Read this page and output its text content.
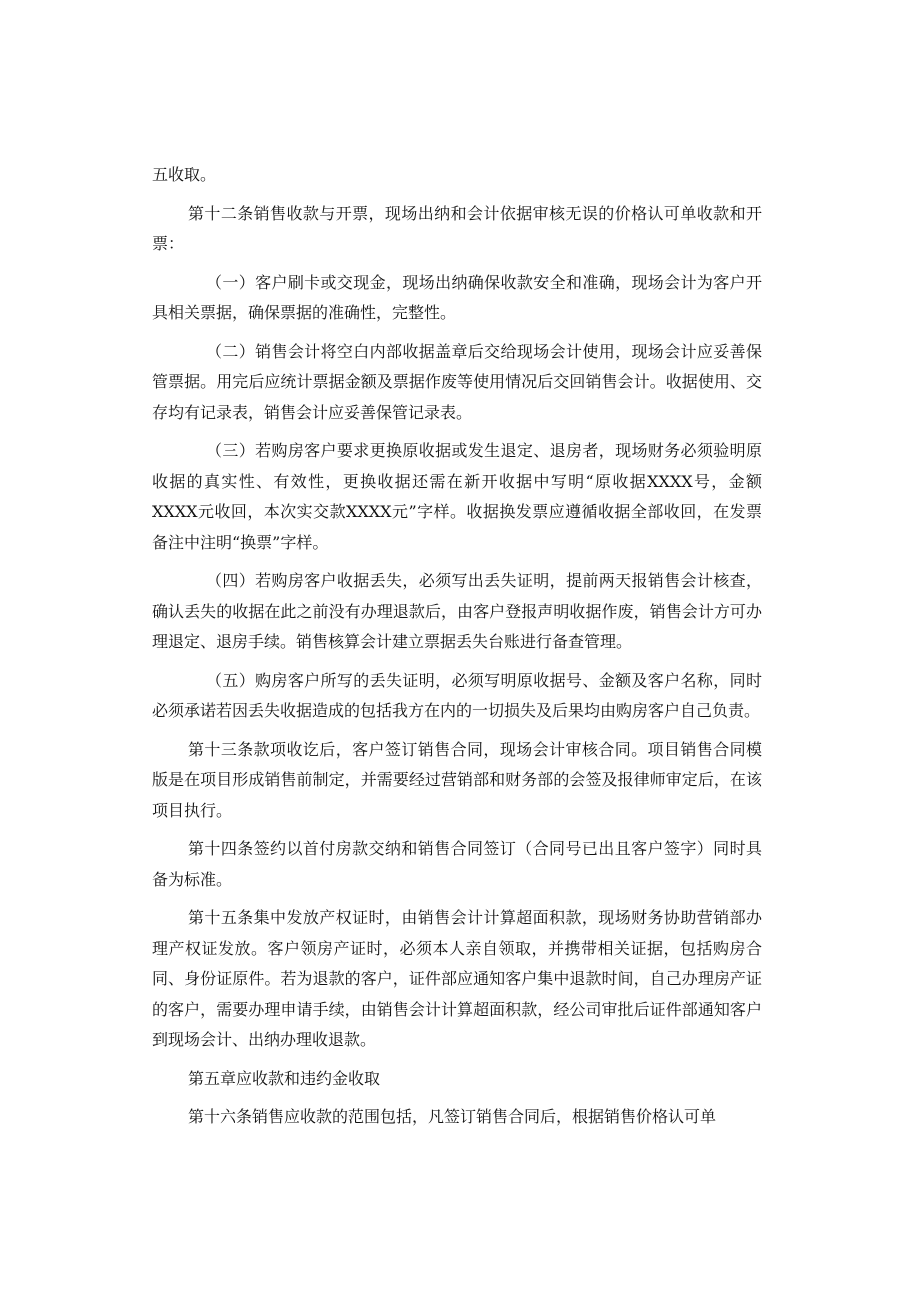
五收取。

第十二条销售收款与开票，现场出纳和会计依据审核无误的价格认可单收款和开票：

（一）客户刷卡或交现金，现场出纳确保收款安全和准确，现场会计为客户开具相关票据，确保票据的准确性，完整性。

（二）销售会计将空白内部收据盖章后交给现场会计使用，现场会计应妥善保管票据。用完后应统计票据金额及票据作废等使用情况后交回销售会计。收据使用、交存均有记录表，销售会计应妥善保管记录表。

（三）若购房客户要求更换原收据或发生退定、退房者，现场财务必须验明原收据的真实性、有效性，更换收据还需在新开收据中写明“原收据XXXX号，金额XXXX元收回，本次实交款XXXX元”字样。收据换发票应遵循收据全部收回，在发票备注中注明“换票”字样。

（四）若购房客户收据丢失，必须写出丢失证明，提前两天报销售会计核查，确认丢失的收据在此之前没有办理退款后，由客户登报声明收据作废，销售会计方可办理退定、退房手续。销售核算会计建立票据丢失台账进行备查管理。

（五）购房客户所写的丢失证明，必须写明原收据号、金额及客户名称，同时必须承诺若因丢失收据造成的包括我方在内的一切损失及后果均由购房客户自己负责。

第十三条款项收讫后，客户签订销售合同，现场会计审核合同。项目销售合同模版是在项目形成销售前制定，并需要经过营销部和财务部的会签及报律师审定后，在该项目执行。

第十四条签约以首付房款交纳和销售合同签订（合同号已出且客户签字）同时具备为标准。

第十五条集中发放产权证时，由销售会计计算超面积款，现场财务协助营销部办理产权证发放。客户领房产证时，必须本人亲自领取，并携带相关证据，包括购房合同、身份证原件。若为退款的客户，证件部应通知客户集中退款时间，自己办理房产证的客户，需要办理申请手续，由销售会计计算超面积款，经公司审批后证件部通知客户到现场会计、出纳办理收退款。

第五章应收款和违约金收取

第十六条销售应收款的范围包括，凡签订销售合同后，根据销售价格认可单
